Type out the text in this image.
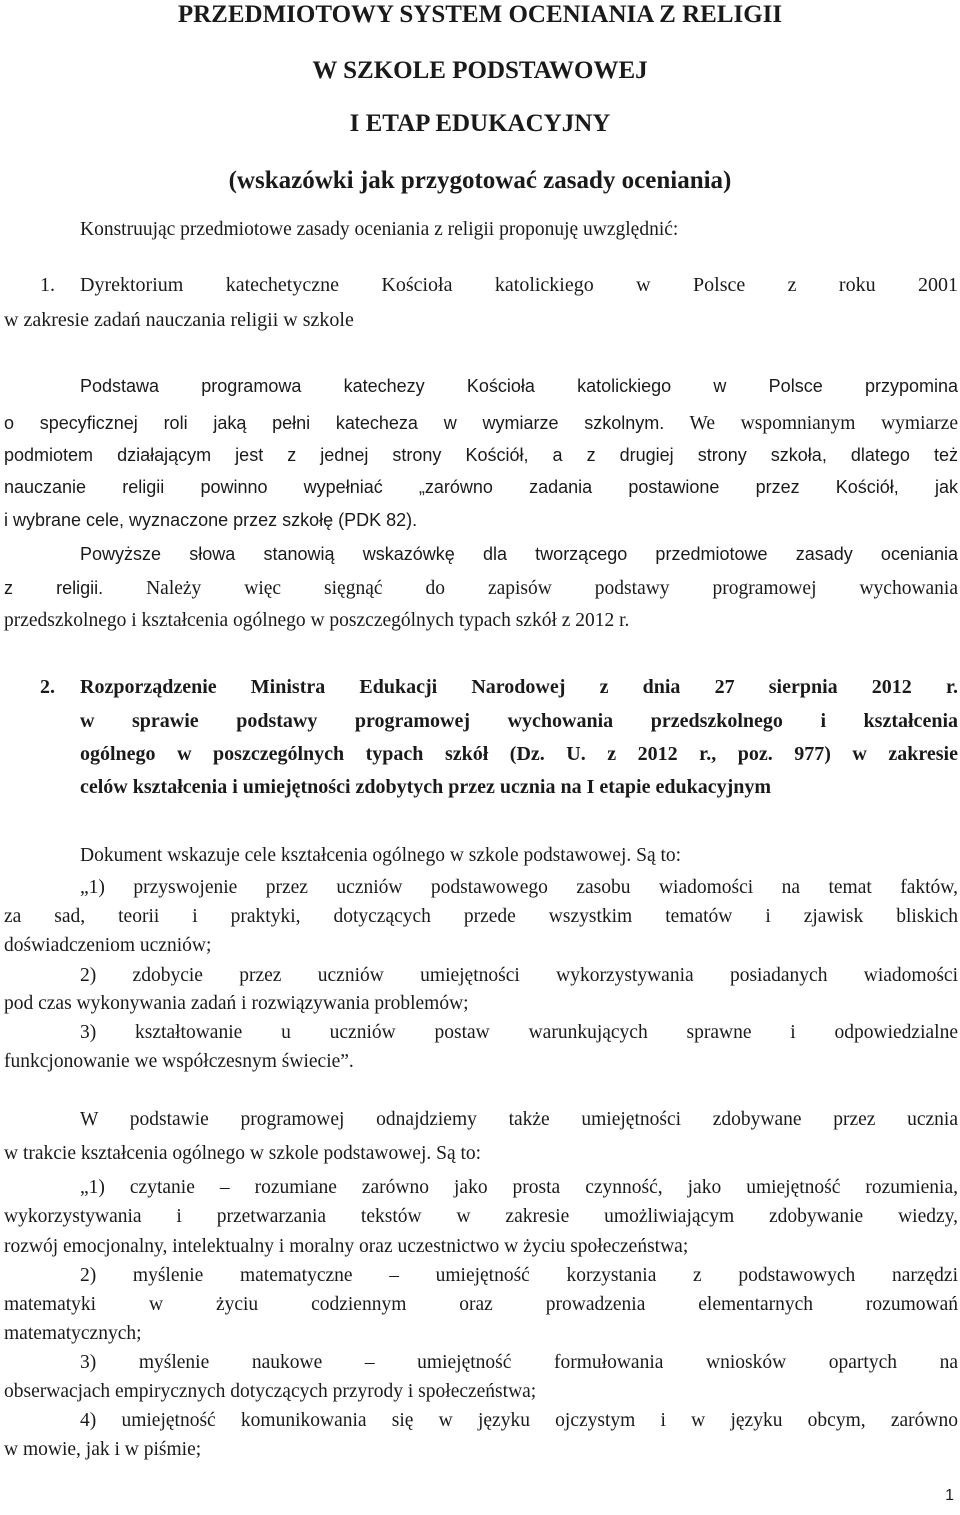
PRZEDMIOTOWY SYSTEM OCENIANIA Z RELIGII
W SZKOLE PODSTAWOWEJ
I ETAP EDUKACYJNY
(wskazówki jak przygotować zasady oceniania)

Konstruując przedmiotowe zasady oceniania z religii proponuję uwzględnić:

1. Dyrektorium katechetyczne Kościoła katolickiego w Polsce z roku 2001

w zakresie zadań nauczania religii w szkole

Podstawa programowa katechezy Kościoła katolickiego w Polsce przypomina

o specyficznej roli jaką pełni katecheza w wymiarze szkolnym. We wspomnianym wymiarze

podmiotem działającym jest z jednej strony Kościół, a z drugiej strony szkoła, dlatego też

nauczanie religii powinno wypełniać „zarówno zadania postawione przez Kościół, jak

i wybrane cele, wyznaczone przez szkołę (PDK 82).

Powyższe słowa stanowią wskazówkę dla tworzącego przedmiotowe zasady oceniania

z religii. Należy więc sięgnąć do zapisów podstawy programowej wychowania

przedszkolnego i kształcenia ogólnego w poszczególnych typach szkół z 2012 r.

2. Rozporządzenie Ministra Edukacji Narodowej z dnia 27 sierpnia 2012 r.

w sprawie podstawy programowej wychowania przedszkolnego i kształcenia

ogólnego w poszczególnych typach szkół (Dz. U. z 2012 r., poz. 977) w zakresie

celów kształcenia i umiejętności zdobytych przez ucznia na I etapie edukacyjnym

Dokument wskazuje cele kształcenia ogólnego w szkole podstawowej. Są to:

„1) przyswojenie przez uczniów podstawowego zasobu wiadomości na temat faktów,

za sad, teorii i praktyki, dotyczących przede wszystkim tematów i zjawisk bliskich

doświadczeniom uczniów;

2) zdobycie przez uczniów umiejętności wykorzystywania posiadanych wiadomości

pod czas wykonywania zadań i rozwiązywania problemów;

3) kształtowanie u uczniów postaw warunkujących sprawne i odpowiedzialne

funkcjonowanie we współczesnym świecie”.

W podstawie programowej odnajdziemy także umiejętności zdobywane przez ucznia

w trakcie kształcenia ogólnego w szkole podstawowej. Są to:

„1) czytanie – rozumiane zarówno jako prosta czynność, jako umiejętność rozumienia,

wykorzystywania i przetwarzania tekstów w zakresie umożliwiającym zdobywanie wiedzy,

rozwój emocjonalny, intelektualny i moralny oraz uczestnictwo w życiu społeczeństwa;

2) myślenie matematyczne – umiejętność korzystania z podstawowych narzędzi

matematyki w życiu codziennym oraz prowadzenia elementarnych rozumowań

matematycznych;

3) myślenie naukowe – umiejętność formułowania wniosków opartych na

obserwacjach empirycznych dotyczących przyrody i społeczeństwa;

4) umiejętność komunikowania się w języku ojczystym i w języku obcym, zarówno

w mowie, jak i w piśmie;

1
